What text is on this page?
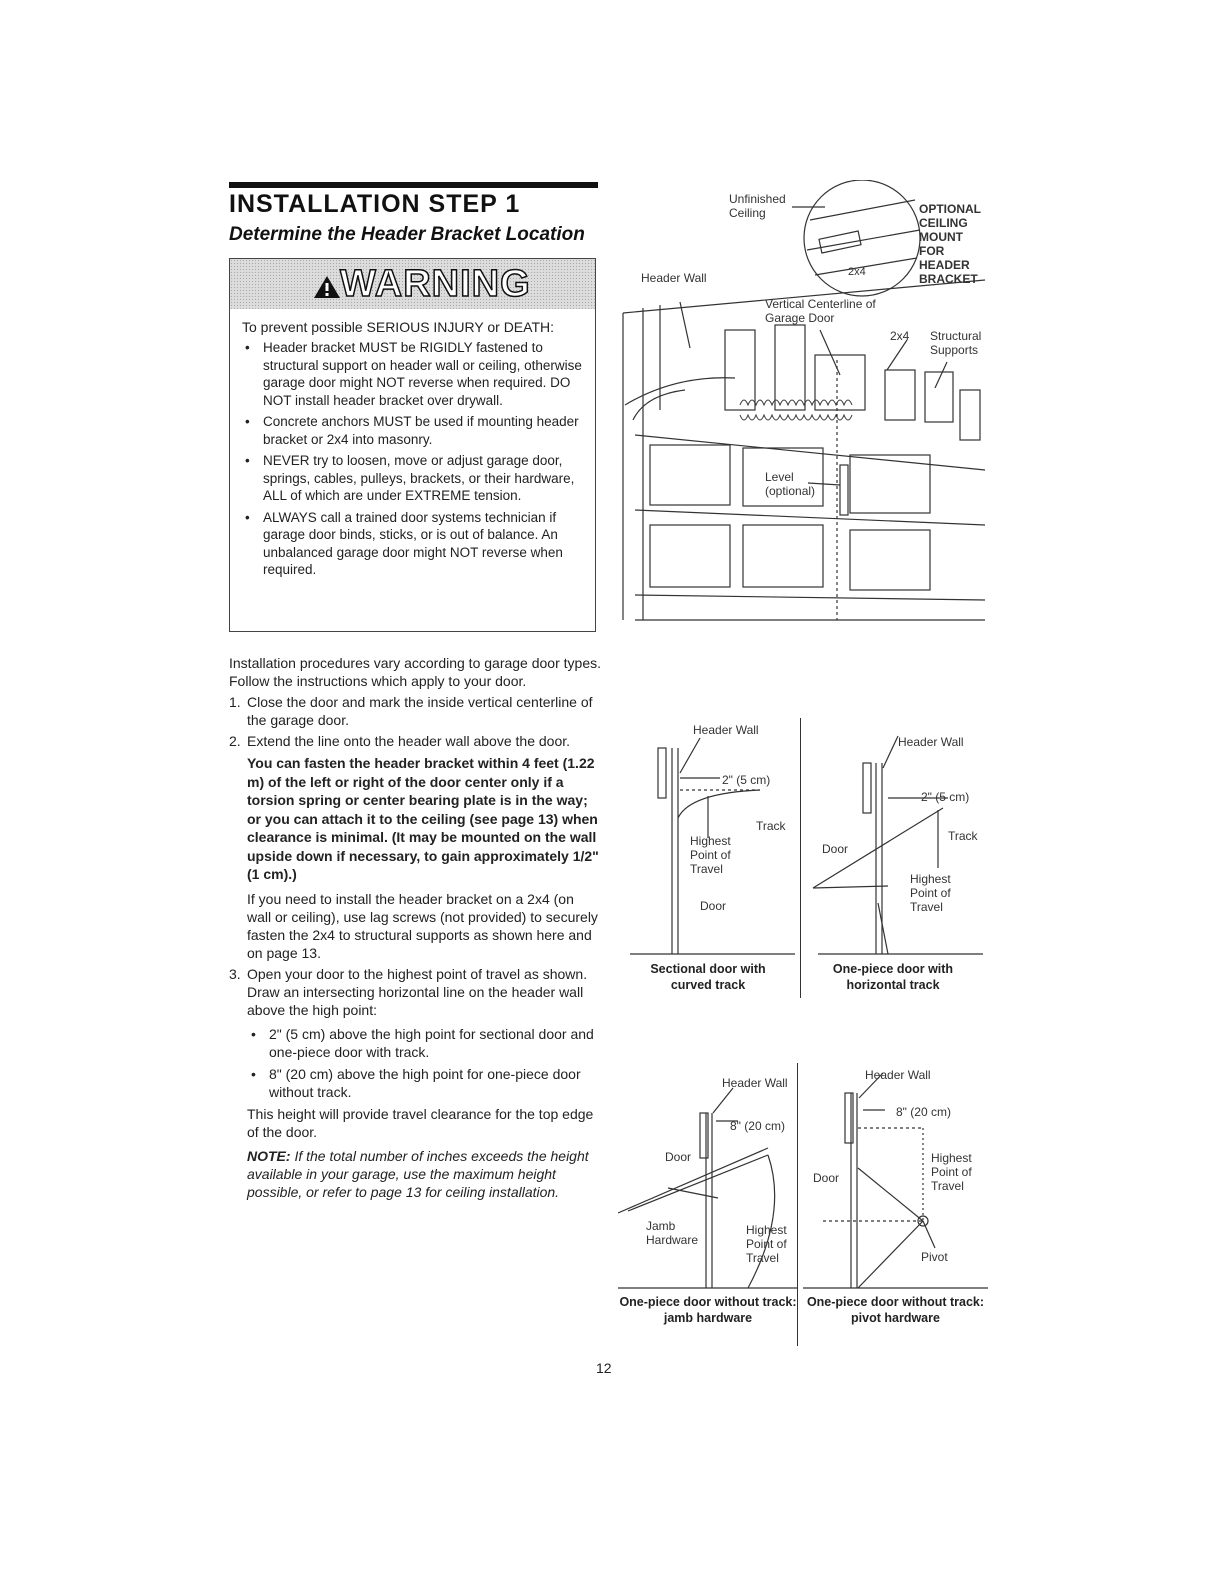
INSTALLATION STEP 1
Determine the Header Bracket Location
WARNING
To prevent possible SERIOUS INJURY or DEATH:
• Header bracket MUST be RIGIDLY fastened to structural support on header wall or ceiling, otherwise garage door might NOT reverse when required. DO NOT install header bracket over drywall.
• Concrete anchors MUST be used if mounting header bracket or 2x4 into masonry.
• NEVER try to loosen, move or adjust garage door, springs, cables, pulleys, brackets, or their hardware, ALL of which are under EXTREME tension.
• ALWAYS call a trained door systems technician if garage door binds, sticks, or is out of balance. An unbalanced garage door might NOT reverse when required.

Installation procedures vary according to garage door types. Follow the instructions which apply to your door.

1. Close the door and mark the inside vertical centerline of the garage door.
2. Extend the line onto the header wall above the door.
You can fasten the header bracket within 4 feet (1.22 m) of the left or right of the door center only if a torsion spring or center bearing plate is in the way; or you can attach it to the ceiling (see page 13) when clearance is minimal. (It may be mounted on the wall upside down if necessary, to gain approximately 1/2" (1 cm).)
If you need to install the header bracket on a 2x4 (on wall or ceiling), use lag screws (not provided) to securely fasten the 2x4 to structural supports as shown here and on page 13.
3. Open your door to the highest point of travel as shown. Draw an intersecting horizontal line on the header wall above the high point:
• 2" (5 cm) above the high point for sectional door and one-piece door with track.
• 8" (20 cm) above the high point for one-piece door without track.
This height will provide travel clearance for the top edge of the door.
NOTE: If the total number of inches exceeds the height available in your garage, use the maximum height possible, or refer to page 13 for ceiling installation.
Unfinished Ceiling	OPTIONAL CEILING MOUNT FOR HEADER BRACKET
Header Wall	2x4
Vertical Centerline of Garage Door
2x4 Structural Supports
Level (optional)
Header Wall
2" (5 cm)
Track
Highest Point of Travel
Door
Sectional door with curved track
Header Wall
2" (5 cm)
Track
Door
Highest Point of Travel
One-piece door with horizontal track
Header Wall
8" (20 cm)
Door
Jamb Hardware
Highest Point of Travel
One-piece door without track: jamb hardware
Header Wall
8" (20 cm)
Door
Highest Point of Travel
Pivot
One-piece door without track: pivot hardware
12
